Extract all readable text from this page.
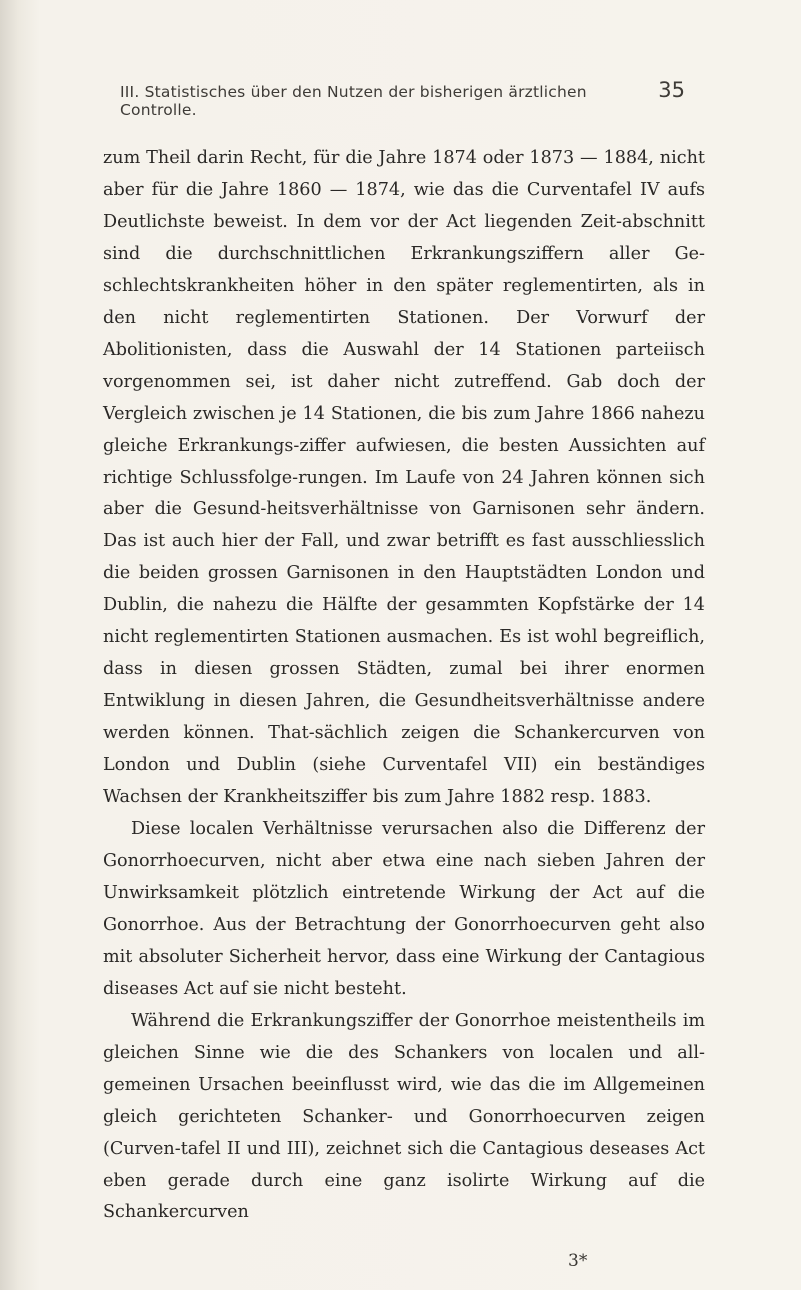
III. Statistisches über den Nutzen der bisherigen ärztlichen Controlle.
35

zum Theil darin Recht, für die Jahre 1874 oder 1873 — 1884, nicht aber für die Jahre 1860 — 1874, wie das die Curventafel IV aufs Deutlichste beweist. In dem vor der Act liegenden Zeit-abschnitt sind die durchschnittlichen Erkrankungsziffern aller Ge-schlechtskrankheiten höher in den später reglementirten, als in den nicht reglementirten Stationen. Der Vorwurf der Abolitionisten, dass die Auswahl der 14 Stationen parteiisch vorgenommen sei, ist daher nicht zutreffend. Gab doch der Vergleich zwischen je 14 Stationen, die bis zum Jahre 1866 nahezu gleiche Erkrankungs-ziffer aufwiesen, die besten Aussichten auf richtige Schlussfolge-rungen. Im Laufe von 24 Jahren können sich aber die Gesund-heitsverhältnisse von Garnisonen sehr ändern. Das ist auch hier der Fall, und zwar betrifft es fast ausschliesslich die beiden grossen Garnisonen in den Hauptstädten London und Dublin, die nahezu die Hälfte der gesammten Kopfstärke der 14 nicht reglementirten Stationen ausmachen. Es ist wohl begreiflich, dass in diesen grossen Städten, zumal bei ihrer enormen Entwiklung in diesen Jahren, die Gesundheitsverhältnisse andere werden können. That-sächlich zeigen die Schankercurven von London und Dublin (siehe Curventafel VII) ein beständiges Wachsen der Krankheitsziffer bis zum Jahre 1882 resp. 1883.

Diese localen Verhältnisse verursachen also die Differenz der Gonorrhoecurven, nicht aber etwa eine nach sieben Jahren der Unwirksamkeit plötzlich eintretende Wirkung der Act auf die Gonorrhoe. Aus der Betrachtung der Gonorrhoecurven geht also mit absoluter Sicherheit hervor, dass eine Wirkung der Cantagious diseases Act auf sie nicht besteht.

Während die Erkrankungsziffer der Gonorrhoe meistentheils im gleichen Sinne wie die des Schankers von localen und all-gemeinen Ursachen beeinflusst wird, wie das die im Allgemeinen gleich gerichteten Schanker- und Gonorrhoecurven zeigen (Curven-tafel II und III), zeichnet sich die Cantagious deseases Act eben gerade durch eine ganz isolirte Wirkung auf die Schankercurven

3*
